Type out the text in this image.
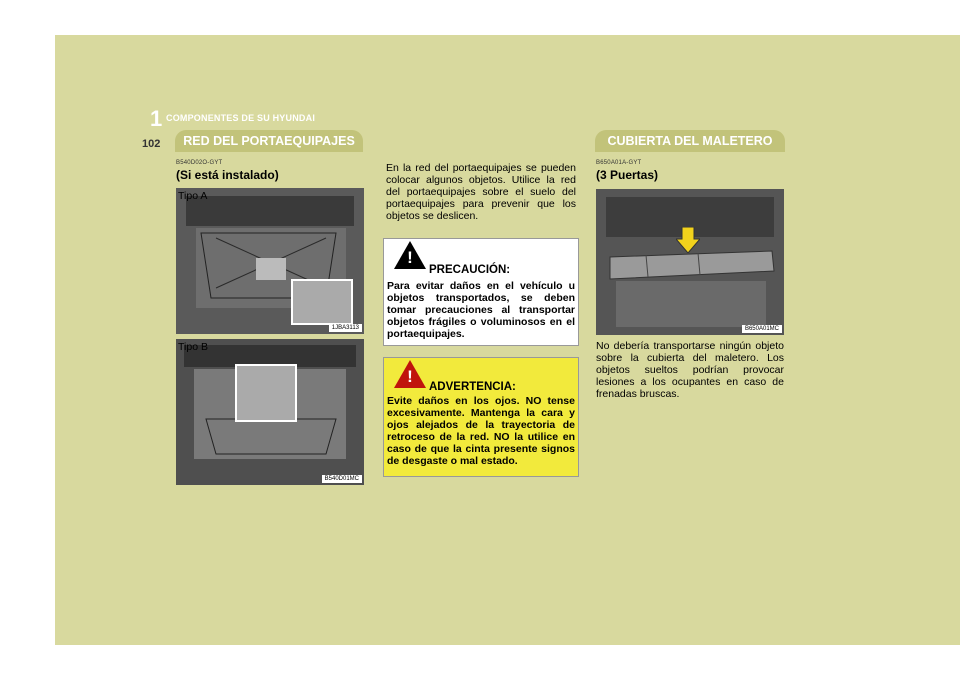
1 COMPONENTES DE SU HYUNDAI
102	RED DEL PORTAEQUIPAJES	CUBIERTA DEL MALETERO
B540D02O-GYT
(Si está instalado)
Tipo A
1JBA3113
Tipo B
B540D01MC
En la red del portaequipajes se pueden colocar algunos objetos. Utilice la red del portaequipajes sobre el suelo del portaequipajes para prevenir que los objetos se deslicen.
!
PRECAUCIÓN:
Para evitar daños en el vehículo u objetos transportados, se deben tomar precauciones al transportar objetos frágiles o voluminosos en el portaequipajes.
!
ADVERTENCIA:
Evite daños en los ojos. NO tense excesivamente. Mantenga la cara y ojos alejados de la trayectoria de retroceso de la red. NO la utilice en caso de que la cinta presente signos de desgaste o mal estado.
B650A01A-GYT
(3 Puertas)
B650A01MC
No debería transportarse ningún objeto sobre la cubierta del maletero. Los objetos sueltos podrían provocar lesiones a los ocupantes en caso de frenadas bruscas.
